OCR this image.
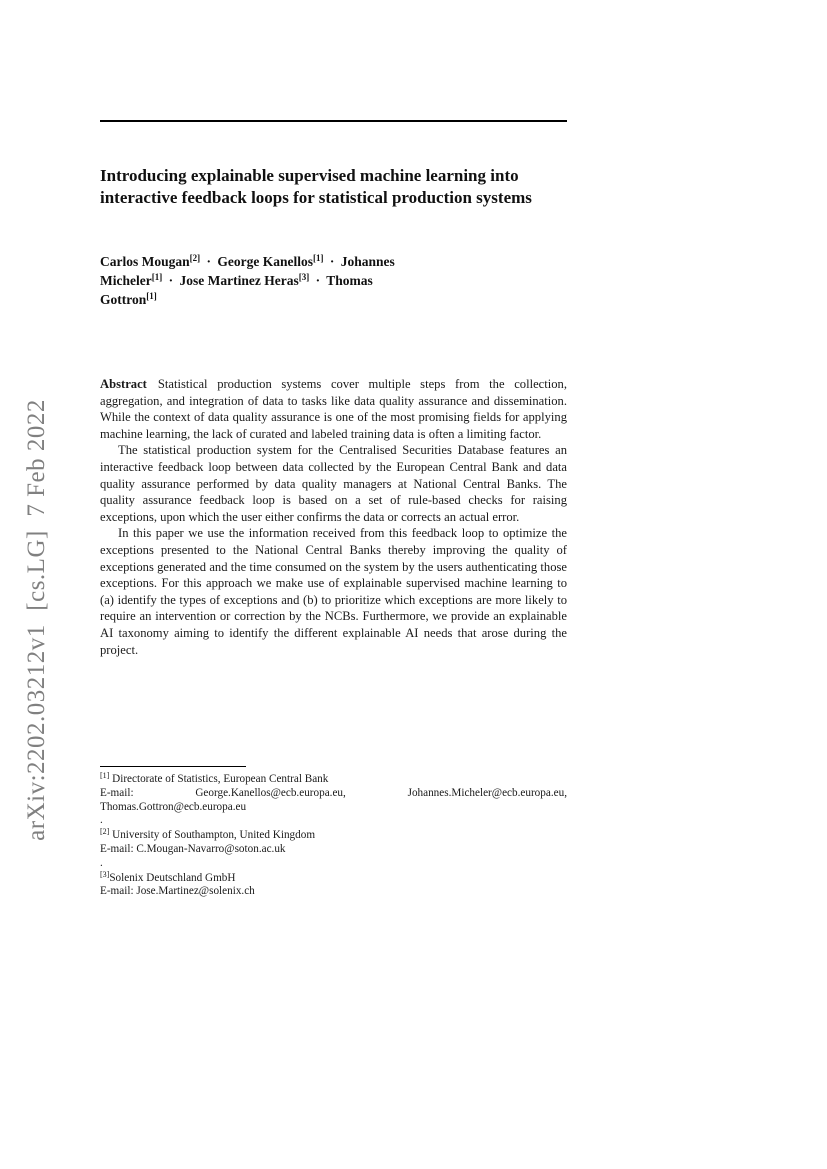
arXiv:2202.03212v1  [cs.LG]  7 Feb 2022
Introducing explainable supervised machine learning into interactive feedback loops for statistical production systems

Carlos Mougan[2] · George Kanellos[1] · Johannes Micheler[1] · Jose Martinez Heras[3] · Thomas Gottron[1]

Abstract Statistical production systems cover multiple steps from the collection, aggregation, and integration of data to tasks like data quality assurance and dissemination. While the context of data quality assurance is one of the most promising fields for applying machine learning, the lack of curated and labeled training data is often a limiting factor.

The statistical production system for the Centralised Securities Database features an interactive feedback loop between data collected by the European Central Bank and data quality assurance performed by data quality managers at National Central Banks. The quality assurance feedback loop is based on a set of rule-based checks for raising exceptions, upon which the user either confirms the data or corrects an actual error.

In this paper we use the information received from this feedback loop to optimize the exceptions presented to the National Central Banks thereby improving the quality of exceptions generated and the time consumed on the system by the users authenticating those exceptions. For this approach we make use of explainable supervised machine learning to (a) identify the types of exceptions and (b) to prioritize which exceptions are more likely to require an intervention or correction by the NCBs. Furthermore, we provide an explainable AI taxonomy aiming to identify the different explainable AI needs that arose during the project.

[1] Directorate of Statistics, European Central Bank
E-mail: George.Kanellos@ecb.europa.eu, Johannes.Micheler@ecb.europa.eu, Thomas.Gottron@ecb.europa.eu
.
[2] University of Southampton, United Kingdom
E-mail: C.Mougan-Navarro@soton.ac.uk
.
[3]Solenix Deutschland GmbH
E-mail: Jose.Martinez@solenix.ch
